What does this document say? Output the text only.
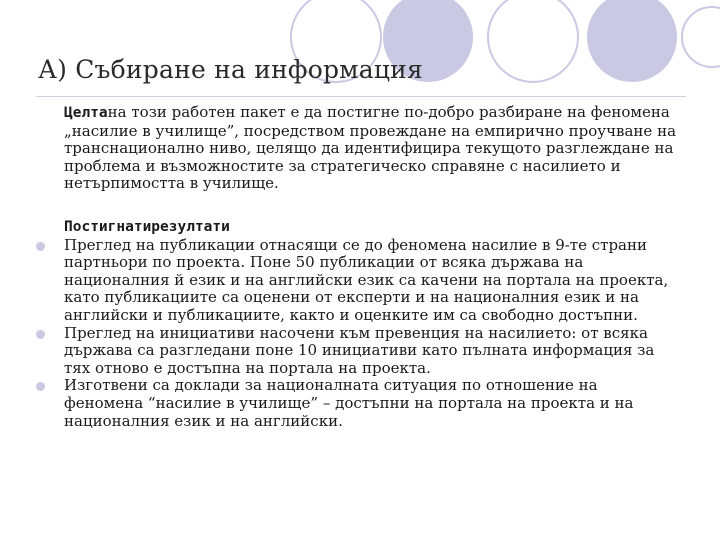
А) Събиране на информация

Целтана този работен пакет е да постигне по-добро разбиране на феномена „насилие в училище”, посредством провеждане на емпирично проучване на транснационално ниво, целящо да идентифицира текущото разглеждане на проблема и възможностите за стратегическо справяне с насилието и нетърпимостта в училище.

Постигнатирезултати
Преглед на публикации отнасящи се до феномена насилие в 9-те страни партньори по проекта. Поне 50 публикации от всяка държава на националния й език и на английски език са качени на портала на проекта, като публикациите са оценени от експерти и на националния език и на английски и публикациите, както и оценките им са свободно достъпни.
Преглед на инициативи насочени към превенция на насилието: от всяка държава са разгледани поне 10 инициативи като пълната информация за тях отново е достъпна на портала на проекта.
Изготвени са доклади за националната ситуация по отношение на феномена “насилие в училище” – достъпни на портала на проекта и на националния език и на английски.
